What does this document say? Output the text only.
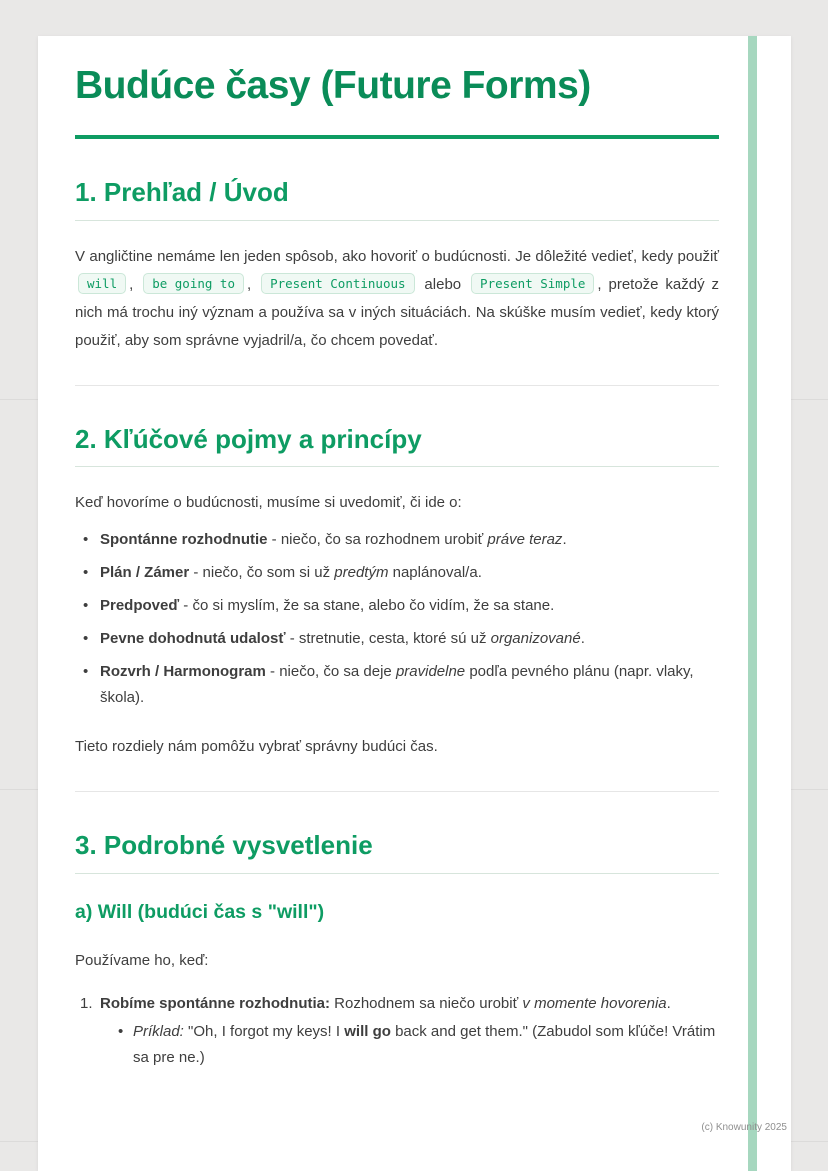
Budúce časy (Future Forms)
1. Prehľad / Úvod

V angličtine nemáme len jeden spôsob, ako hovoriť o budúcnosti. Je dôležité vedieť, kedy použiť will , be going to , Present Continuous alebo Present Simple , pretože každý z nich má trochu iný význam a používa sa v iných situáciách. Na skúške musím vedieť, kedy ktorý použiť, aby som správne vyjadril/a, čo chcem povedať.

2. Kľúčové pojmy a princípy

Keď hovoríme o budúcnosti, musíme si uvedomiť, či ide o:

• Spontánne rozhodnutie - niečo, čo sa rozhodnem urobiť práve teraz.
• Plán / Zámer - niečo, čo som si už predtým naplánoval/a.
• Predpoveď - čo si myslím, že sa stane, alebo čo vidím, že sa stane.
• Pevne dohodnutá udalosť - stretnutie, cesta, ktoré sú už organizované.
• Rozvrh / Harmonogram - niečo, čo sa deje pravidelne podľa pevného plánu (napr. vlaky, škola).

Tieto rozdiely nám pomôžu vybrať správny budúci čas.

3. Podrobné vysvetlenie
a) Will (budúci čas s "will")

Používame ho, keď:

1. Robíme spontánne rozhodnutia: Rozhodnem sa niečo urobiť v momente hovorenia.

• Príklad: "Oh, I forgot my keys! I will go back and get them." (Zabudol som kľúče! Vrátim sa pre ne.)
(c) Knowunity 2025
